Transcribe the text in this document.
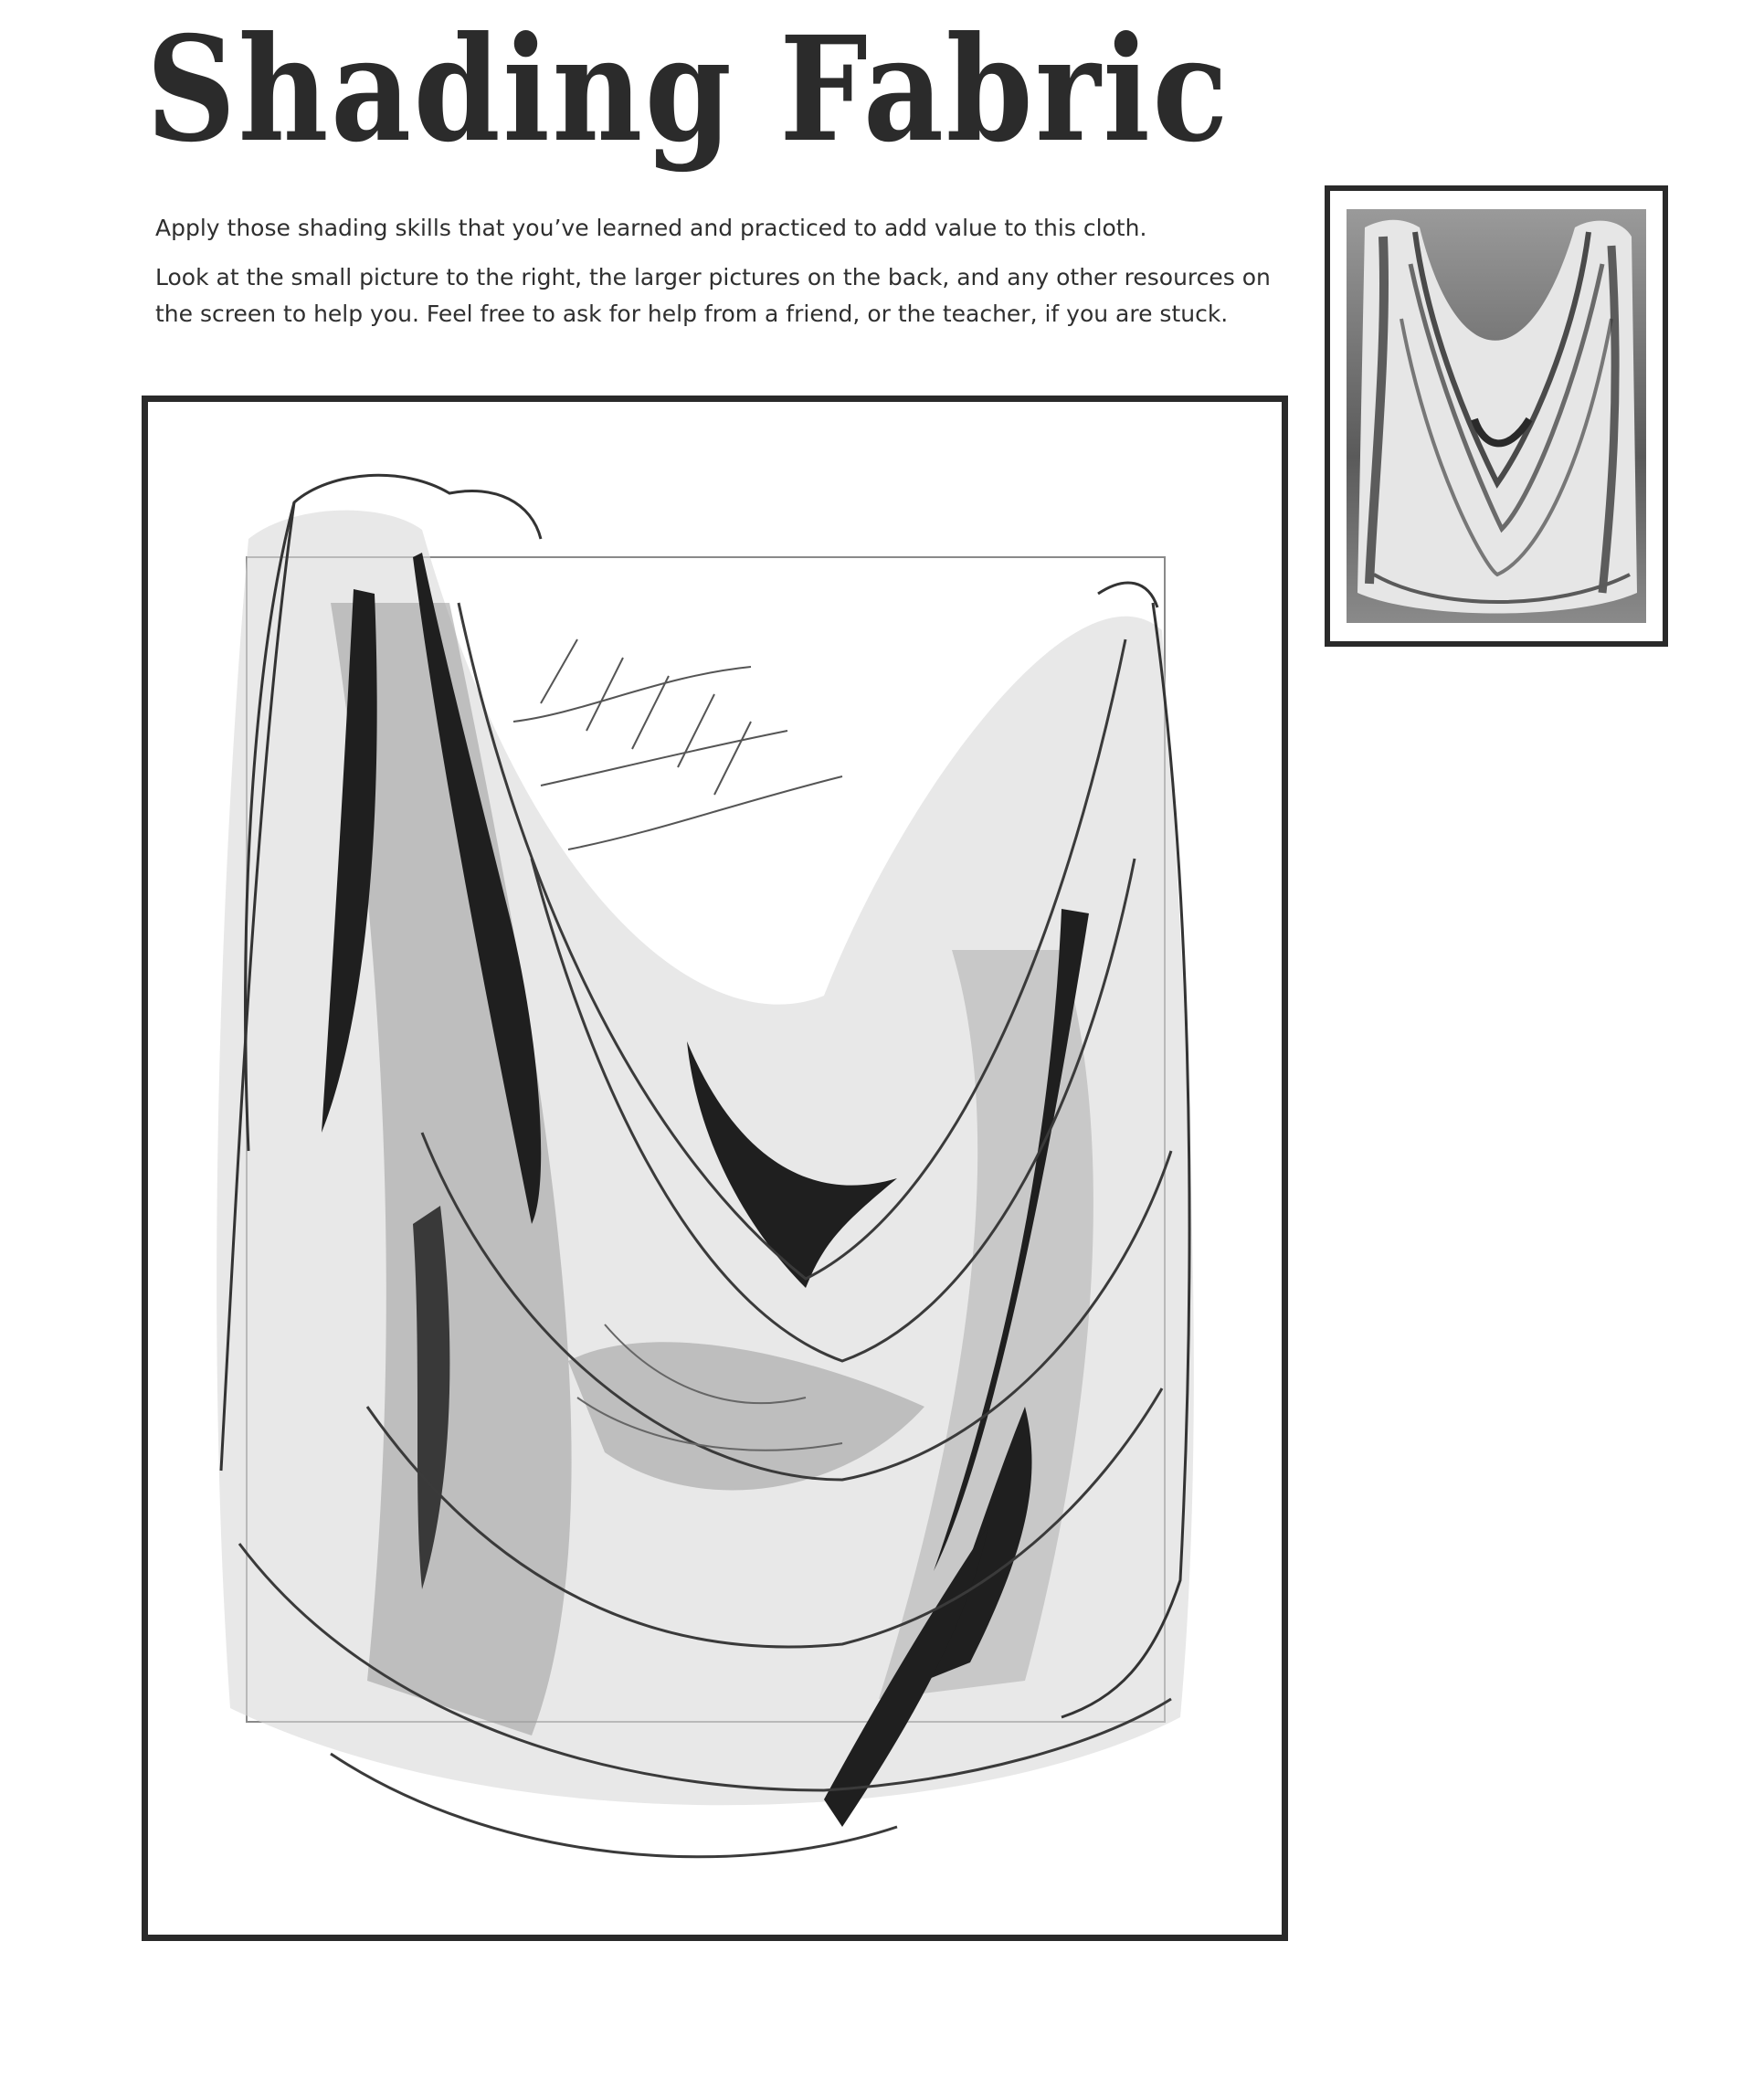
Shading Fabric

Apply those shading skills that you’ve learned and practiced to add value to this cloth.

Look at the small picture to the right, the larger pictures on the back, and any other resources on the screen to help you. Feel free to ask for help from a friend, or the teacher, if you are stuck.
